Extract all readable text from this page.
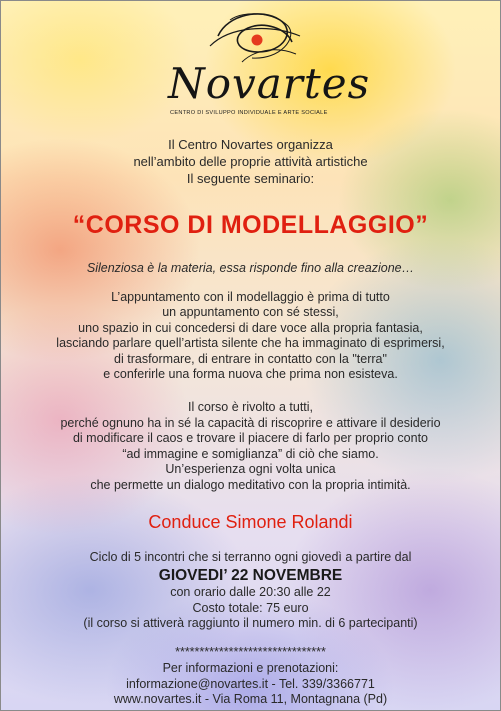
Novartes
CENTRO DI SVILUPPO INDIVIDUALE E ARTE SOCIALE
Il Centro Novartes organizza
nell’ambito delle proprie attività artistiche
Il seguente seminario:
“CORSO DI MODELLAGGIO”
Silenziosa è la materia, essa risponde fino alla creazione…
L’appuntamento con il modellaggio è prima di tutto
un appuntamento con sé stessi,
uno spazio in cui concedersi di dare voce alla propria fantasia,
lasciando parlare quell’artista silente che ha immaginato di esprimersi,
di trasformare, di entrare in contatto con la "terra"
e conferirle una forma nuova che prima non esisteva.
Il corso è rivolto a tutti,
perché ognuno ha in sé la capacità di riscoprire e attivare il desiderio
di modificare il caos e trovare il piacere di farlo per proprio conto
“ad immagine e somiglianza” di ciò che siamo.
Un’esperienza ogni volta unica
che permette un dialogo meditativo con la propria intimità.
Conduce Simone Rolandi
Ciclo di 5 incontri che si terranno ogni giovedì a partire dal
GIOVEDI’ 22 NOVEMBRE
con orario dalle 20:30 alle 22
Costo totale: 75 euro
(il corso si attiverà raggiunto il numero min. di 6 partecipanti)
*******************************
Per informazioni e prenotazioni:
informazione@novartes.it - Tel. 339/3366771
www.novartes.it - Via Roma 11, Montagnana (Pd)
